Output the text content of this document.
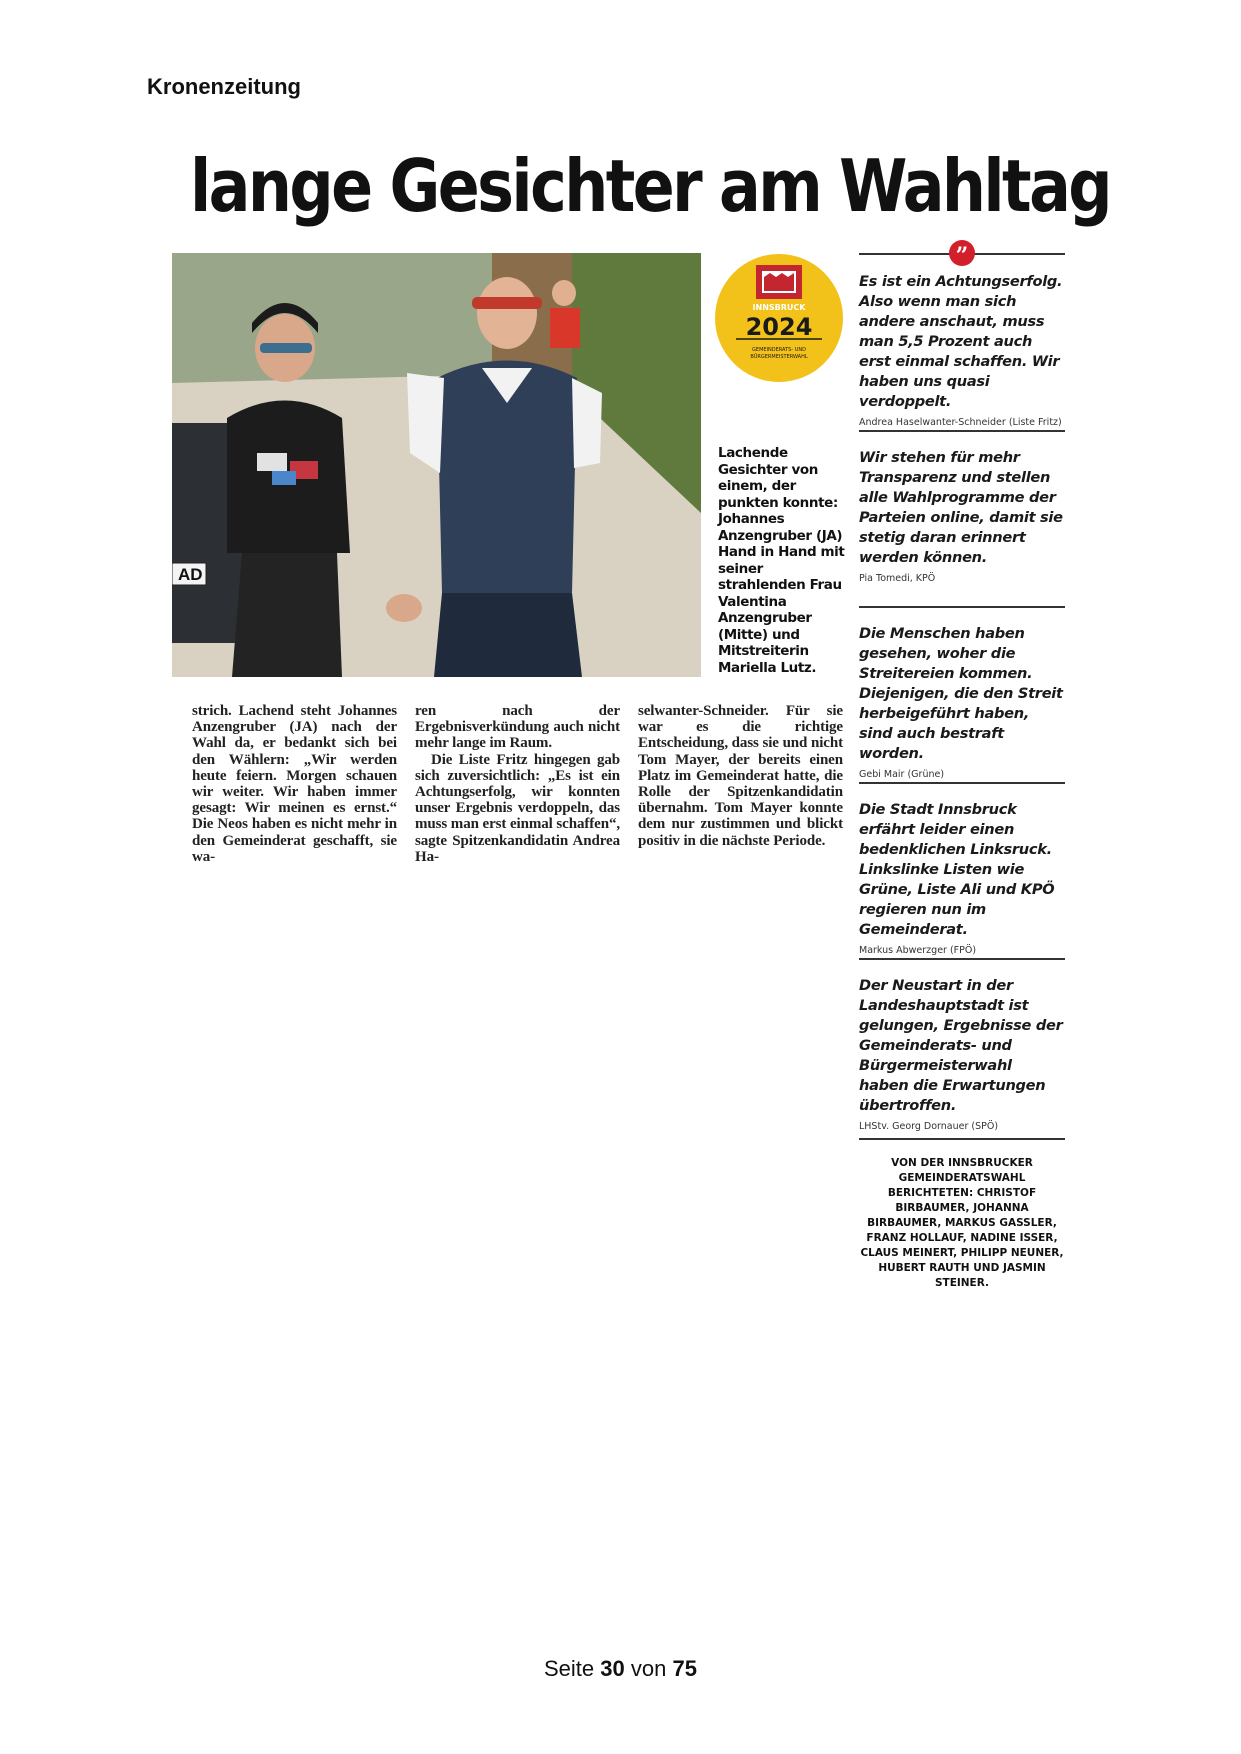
Kronenzeitung
lange Gesichter am Wahltag
AD
INNSBRUCK
2024
GEMEINDERATS- UND
BÜRGERMEISTERWAHL
Lachende Gesichter von einem, der punkten konnte: Johannes Anzengruber (JA) Hand in Hand mit seiner strahlenden Frau Valentina Anzengruber (Mitte) und Mitstreiterin Mariella Lutz.

strich. Lachend steht Johannes Anzengruber (JA) nach der Wahl da, er bedankt sich bei den Wählern: „Wir werden heute feiern. Morgen schauen wir weiter. Wir haben immer gesagt: Wir meinen es ernst.“ Die Neos haben es nicht mehr in den Gemeinderat geschafft, sie wa-

ren nach der Ergebnisverkündung auch nicht mehr lange im Raum.

Die Liste Fritz hingegen gab sich zuversichtlich: „Es ist ein Achtungserfolg, wir konnten unser Ergebnis verdoppeln, das muss man erst einmal schaffen“, sagte Spitzenkandidatin Andrea Ha-

selwanter-Schneider. Für sie war es die richtige Entscheidung, dass sie und nicht Tom Mayer, der bereits einen Platz im Gemeinderat hatte, die Rolle der Spitzenkandidatin übernahm. Tom Mayer konnte dem nur zustimmen und blickt positiv in die nächste Periode.

”
Es ist ein Achtungserfolg. Also wenn man sich andere anschaut, muss man 5,5 Prozent auch erst einmal schaffen. Wir haben uns quasi verdoppelt.
Andrea Haselwanter-Schneider (Liste Fritz)
Wir stehen für mehr Transparenz und stellen alle Wahlprogramme der Parteien online, damit sie stetig daran erinnert werden können.
Pia Tomedi, KPÖ
Die Menschen haben gesehen, woher die Streitereien kommen. Diejenigen, die den Streit herbeigeführt haben, sind auch bestraft worden.
Gebi Mair (Grüne)
Die Stadt Innsbruck erfährt leider einen bedenklichen Linksruck. Linkslinke Listen wie Grüne, Liste Ali und KPÖ regieren nun im Gemeinderat.
Markus Abwerzger (FPÖ)
Der Neustart in der Landeshauptstadt ist gelungen, Ergebnisse der Gemeinderats- und Bürgermeisterwahl haben die Erwartungen übertroffen.
LHStv. Georg Dornauer (SPÖ)
VON DER INNSBRUCKER GEMEINDERATSWAHL BERICHTETEN: CHRISTOF BIRBAUMER, JOHANNA BIRBAUMER, MARKUS GASSLER, FRANZ HOLLAUF, NADINE ISSER, CLAUS MEINERT, PHILIPP NEUNER, HUBERT RAUTH UND JASMIN STEINER.
Seite 30 von 75
